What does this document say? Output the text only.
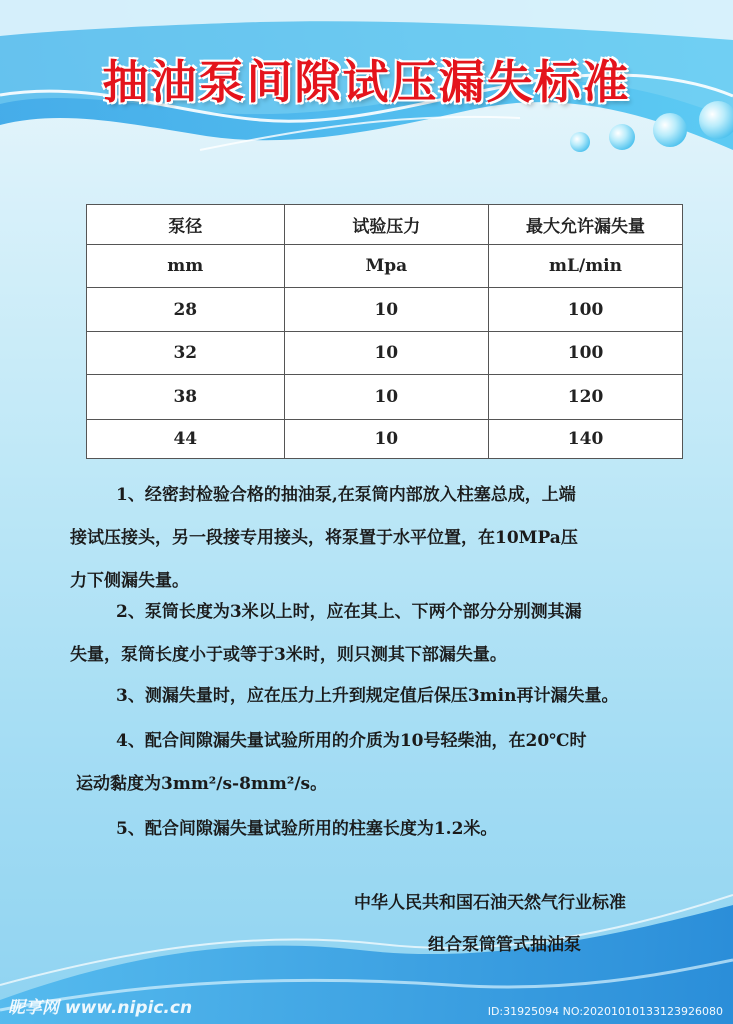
抽油泵间隙试压漏失标准
泵径	试验压力	最大允许漏失量
mm	Mpa	mL/min
28	10	100
32	10	100
38	10	120
44	10	140
1、经密封检验合格的抽油泵,在泵筒内部放入柱塞总成，上端
接试压接头，另一段接专用接头，将泵置于水平位置，在10MPa压
力下侧漏失量。
2、泵筒长度为3米以上时，应在其上、下两个部分分别测其漏
失量，泵筒长度小于或等于3米时，则只测其下部漏失量。
3、测漏失量时，应在压力上升到规定值后保压3min再计漏失量。
4、配合间隙漏失量试验所用的介质为10号轻柴油，在20℃时
运动黏度为3mm²/s-8mm²/s。
5、配合间隙漏失量试验所用的柱塞长度为1.2米。
中华人民共和国石油天然气行业标准
组合泵筒管式抽油泵
昵享网 www.nipic.cn	ID:31925094 NO:20201010133123926080
